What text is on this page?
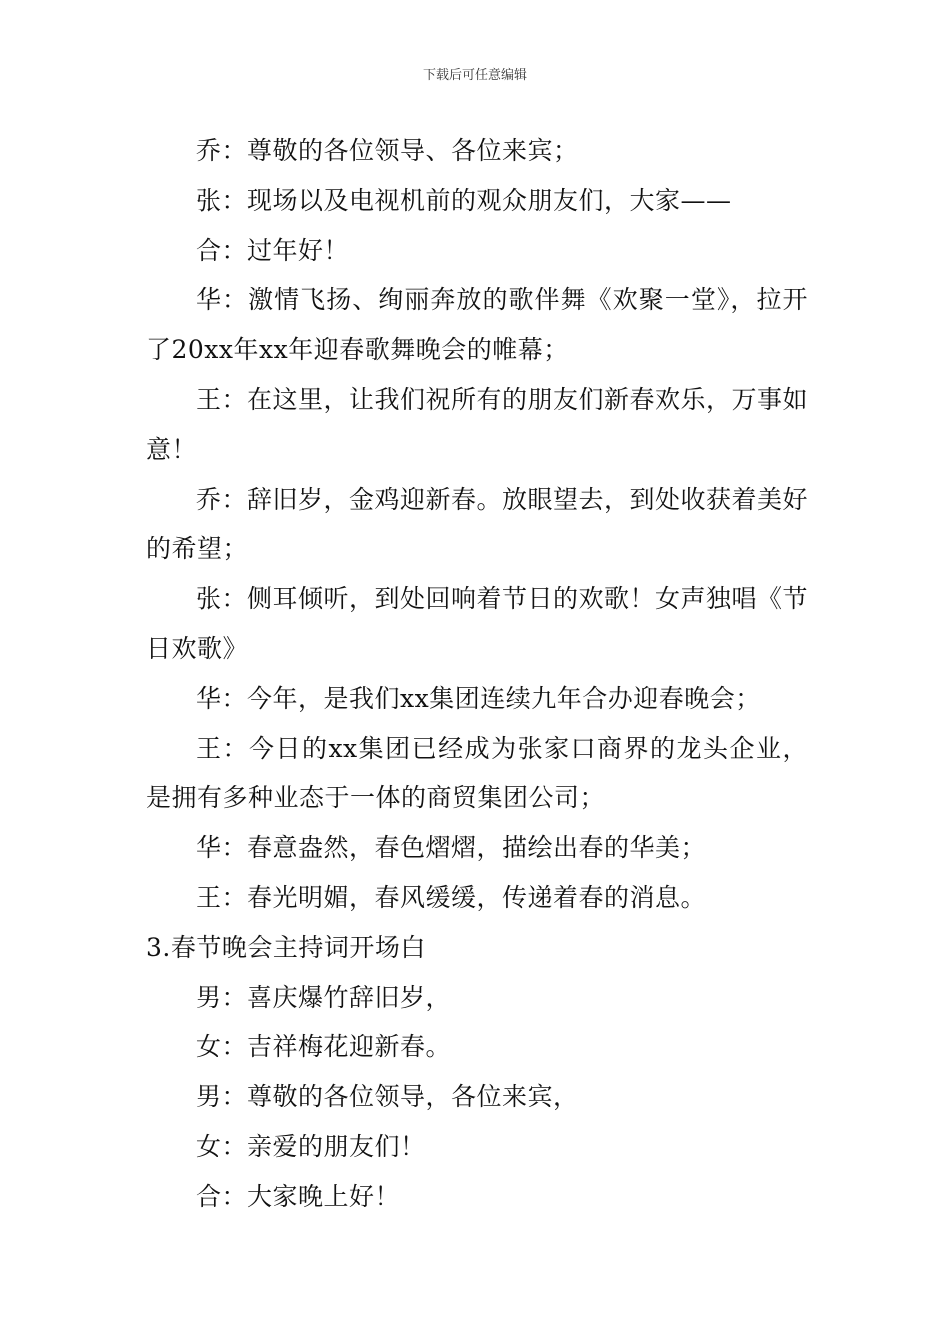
下载后可任意编辑

乔：尊敬的各位领导、各位来宾；

张：现场以及电视机前的观众朋友们，大家——

合：过年好！

华：激情飞扬、绚丽奔放的歌伴舞《欢聚一堂》，拉开了20xx年xx年迎春歌舞晚会的帷幕；

王：在这里，让我们祝所有的朋友们新春欢乐，万事如意！

乔：辞旧岁，金鸡迎新春。放眼望去，到处收获着美好的希望；

张：侧耳倾听，到处回响着节日的欢歌！女声独唱《节日欢歌》

华：今年，是我们xx集团连续九年合办迎春晚会；

王：今日的xx集团已经成为张家口商界的龙头企业，是拥有多种业态于一体的商贸集团公司；

华：春意盎然，春色熠熠，描绘出春的华美；

王：春光明媚，春风缓缓，传递着春的消息。

3.春节晚会主持词开场白

男：喜庆爆竹辞旧岁，

女：吉祥梅花迎新春。

男：尊敬的各位领导，各位来宾，

女：亲爱的朋友们！

合：大家晚上好！
